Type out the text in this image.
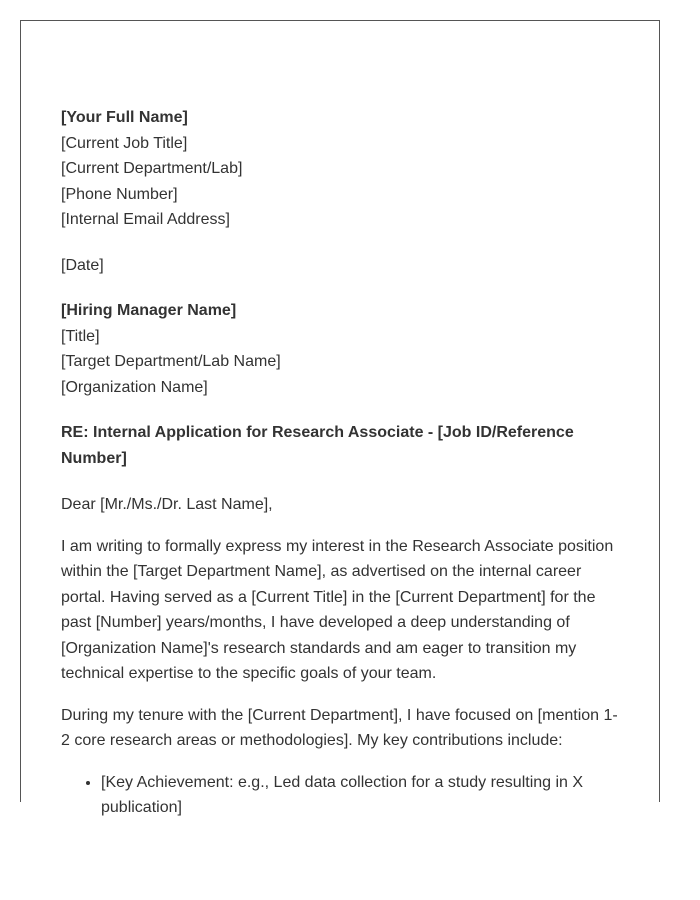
[Your Full Name]
[Current Job Title]
[Current Department/Lab]
[Phone Number]
[Internal Email Address]
[Date]
[Hiring Manager Name]
[Title]
[Target Department/Lab Name]
[Organization Name]
RE: Internal Application for Research Associate - [Job ID/Reference Number]
Dear [Mr./Ms./Dr. Last Name],

I am writing to formally express my interest in the Research Associate position within the [Target Department Name], as advertised on the internal career portal. Having served as a [Current Title] in the [Current Department] for the past [Number] years/months, I have developed a deep understanding of [Organization Name]'s research standards and am eager to transition my technical expertise to the specific goals of your team.

During my tenure with the [Current Department], I have focused on [mention 1-2 core research areas or methodologies]. My key contributions include:

• [Key Achievement: e.g., Led data collection for a study resulting in X publication]
